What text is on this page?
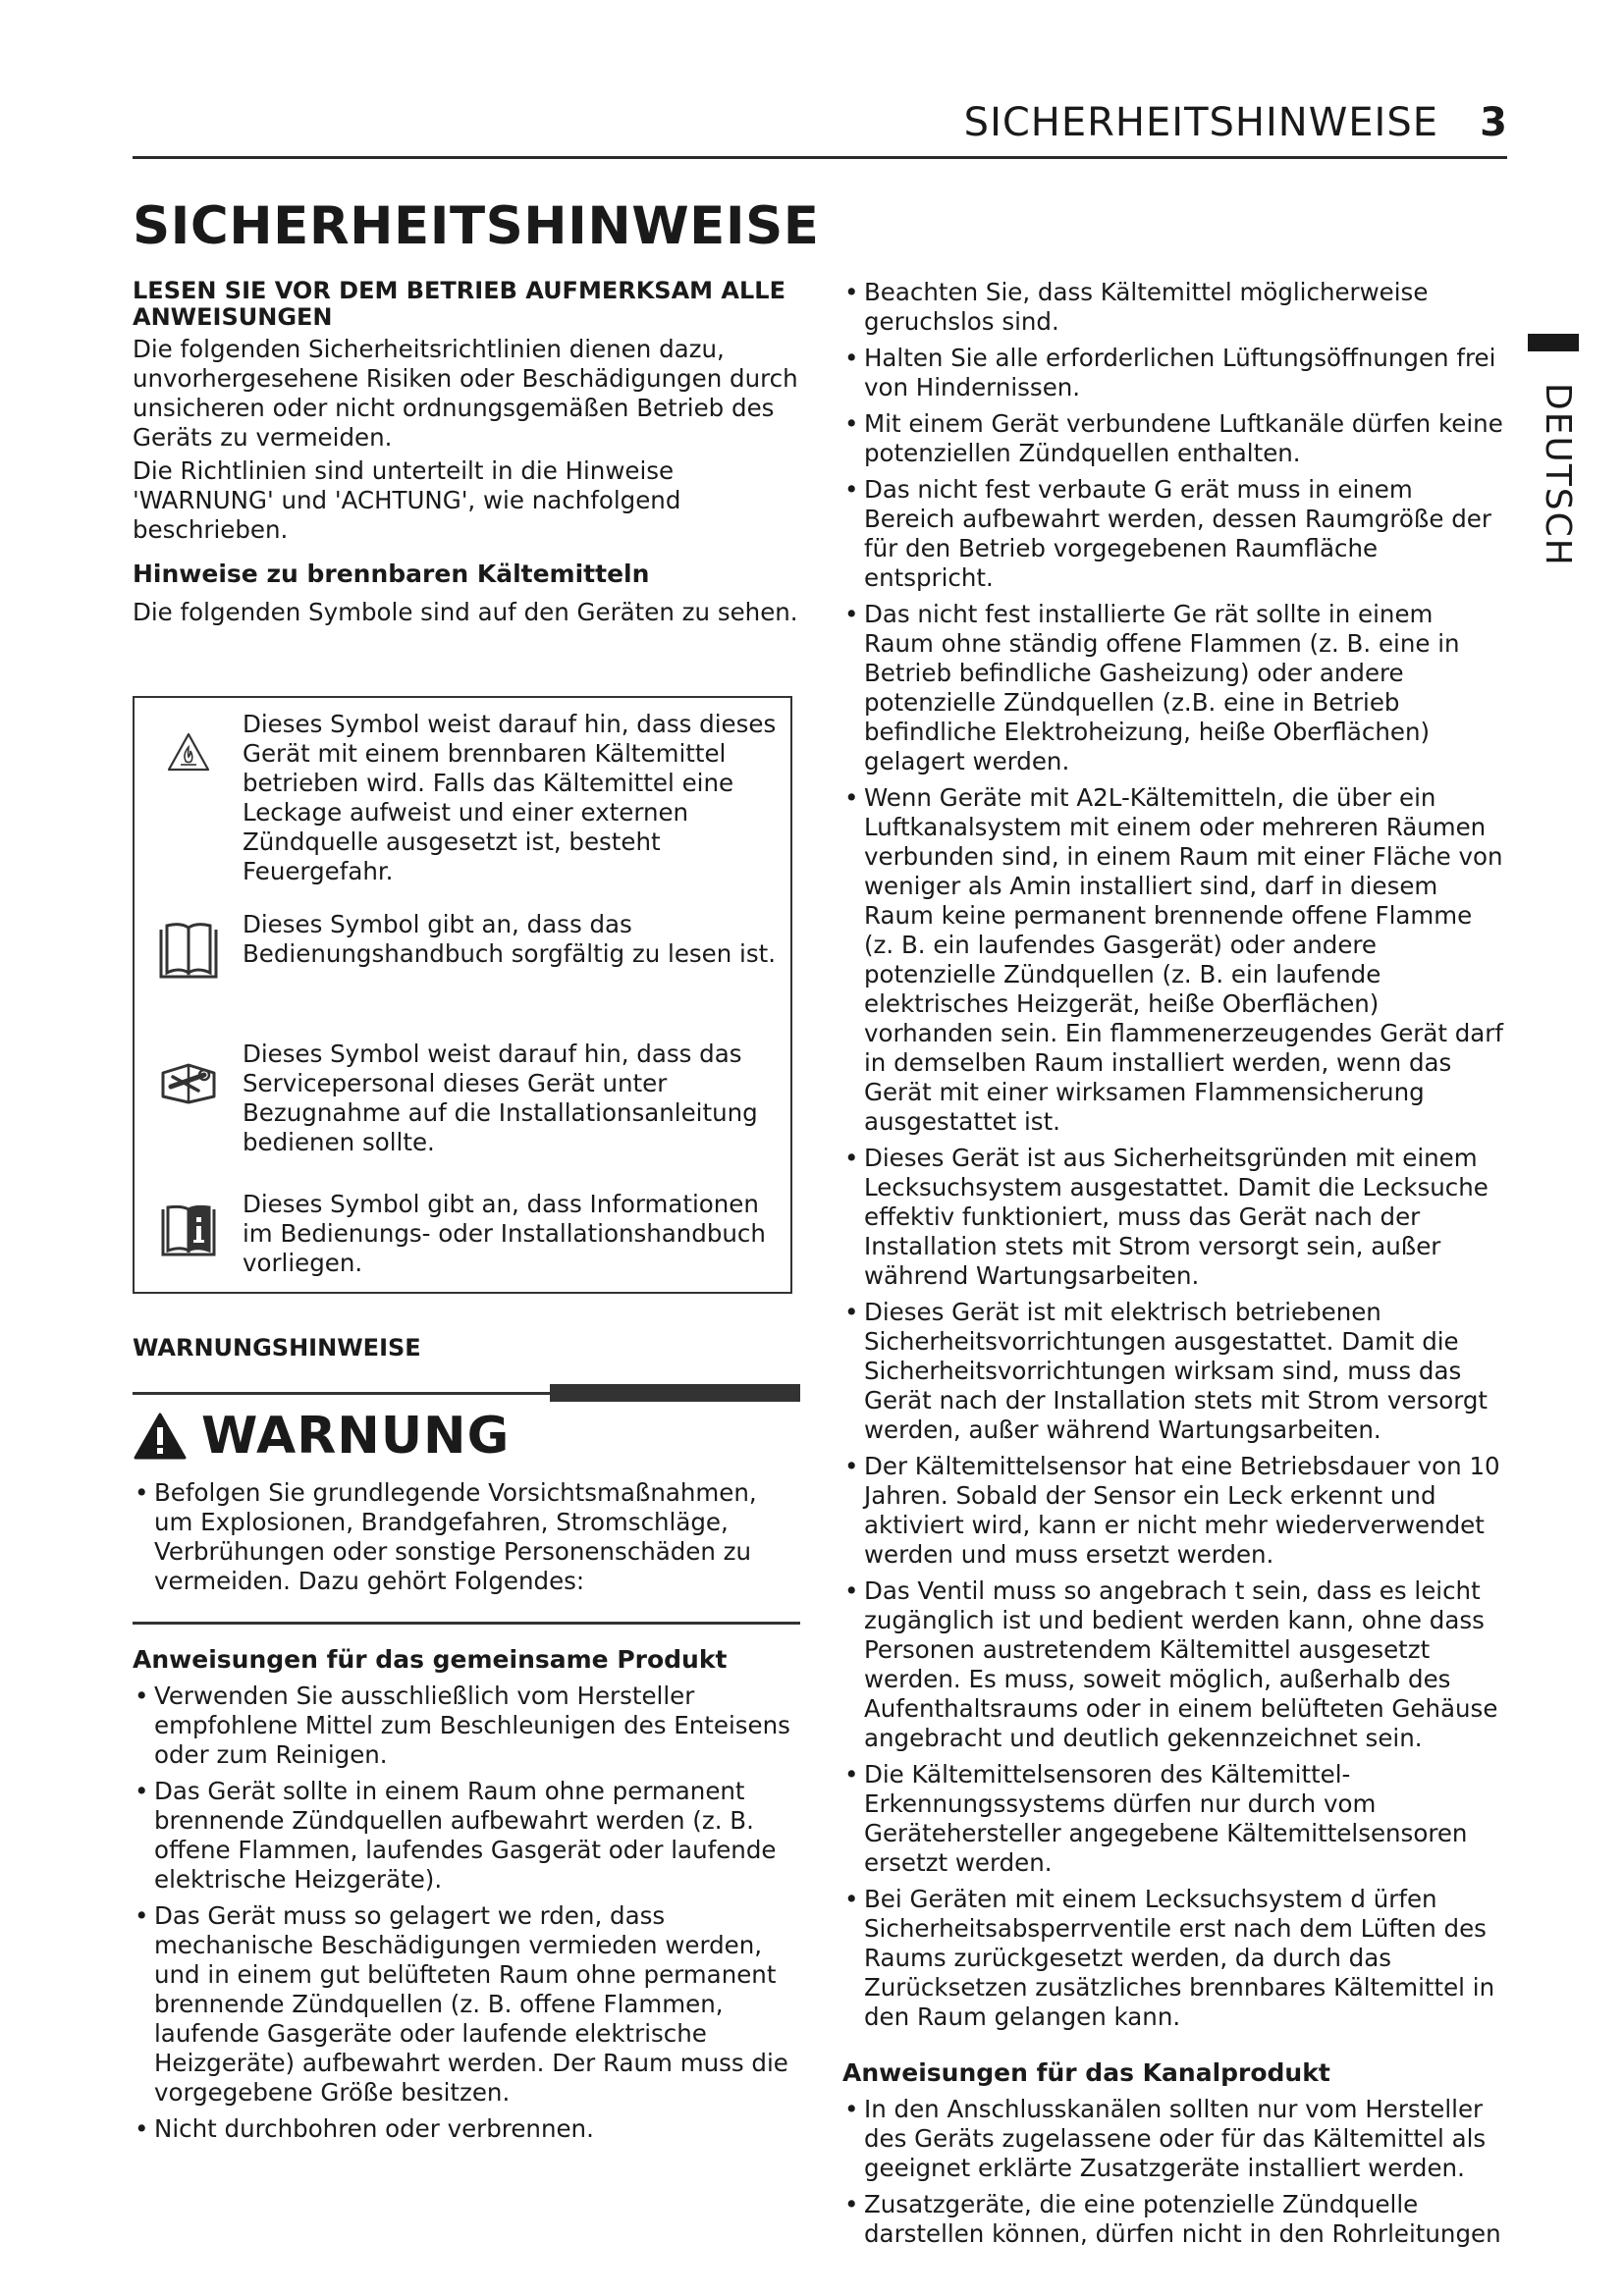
SICHERHEITSHINWEISE 3
DEUTSCH
SICHERHEITSHINWEISE
LESEN SIE VOR DEM BETRIEB AUFMERKSAM ALLE ANWEISUNGEN

Die folgenden Sicherheitsrichtlinien dienen dazu, unvorhergesehene Risiken oder Beschädigungen durch unsicheren oder nicht ordnungsgemäßen Betrieb des Geräts zu vermeiden.

Die Richtlinien sind unterteilt in die Hinweise 'WARNUNG' und 'ACHTUNG', wie nachfolgend beschrieben.

Hinweise zu brennbaren Kältemitteln

Die folgenden Symbole sind auf den Geräten zu sehen.

Dieses Symbol weist darauf hin, dass dieses Gerät mit einem brennbaren Kältemittel betrieben wird. Falls das Kältemittel eine Leckage aufweist und einer externen Zündquelle ausgesetzt ist, besteht Feuergefahr.
Dieses Symbol gibt an, dass das Bedienungshandbuch sorgfältig zu lesen ist.
Dieses Symbol weist darauf hin, dass das Servicepersonal dieses Gerät unter Bezugnahme auf die Installationsanleitung bedienen sollte.
Dieses Symbol gibt an, dass Informationen im Bedienungs- oder Installationshandbuch vorliegen.
WARNUNGSHINWEISE
WARNUNG
• Befolgen Sie grundlegende Vorsichtsmaßnahmen, um Explosionen, Brandgefahren, Stromschläge, Verbrühungen oder sonstige Personenschäden zu vermeiden. Dazu gehört Folgendes:
Anweisungen für das gemeinsame Produkt
• Verwenden Sie ausschließlich vom Hersteller empfohlene Mittel zum Beschleunigen des Enteisens oder zum Reinigen.
• Das Gerät sollte in einem Raum ohne permanent brennende Zündquellen aufbewahrt werden (z. B. offene Flammen, laufendes Gasgerät oder laufende elektrische Heizgeräte).
• Das Gerät muss so gelagert we rden, dass mechanische Beschädigungen vermieden werden, und in einem gut belüfteten Raum ohne permanent brennende Zündquellen (z. B. offene Flammen, laufende Gasgeräte oder laufende elektrische Heizgeräte) aufbewahrt werden. Der Raum muss die vorgegebene Größe besitzen.
• Nicht durchbohren oder verbrennen.
• Beachten Sie, dass Kältemittel möglicherweise geruchslos sind.
• Halten Sie alle erforderlichen Lüftungsöffnungen frei von Hindernissen.
• Mit einem Gerät verbundene Luftkanäle dürfen keine potenziellen Zündquellen enthalten.
• Das nicht fest verbaute G erät muss in einem Bereich aufbewahrt werden, dessen Raumgröße der für den Betrieb vorgegebenen Raumfläche entspricht.
• Das nicht fest installierte Ge rät sollte in einem Raum ohne ständig offene Flammen (z. B. eine in Betrieb befindliche Gasheizung) oder andere potenzielle Zündquellen (z.B. eine in Betrieb befindliche Elektroheizung, heiße Oberflächen) gelagert werden.
• Wenn Geräte mit A2L-Kältemitteln, die über ein Luftkanalsystem mit einem oder mehreren Räumen verbunden sind, in einem Raum mit einer Fläche von weniger als Amin installiert sind, darf in diesem Raum keine permanent brennende offene Flamme (z. B. ein laufendes Gasgerät) oder andere potenzielle Zündquellen (z. B. ein laufende elektrisches Heizgerät, heiße Oberflächen) vorhanden sein. Ein flammenerzeugendes Gerät darf in demselben Raum installiert werden, wenn das Gerät mit einer wirksamen Flammensicherung ausgestattet ist.
• Dieses Gerät ist aus Sicherheitsgründen mit einem Lecksuchsystem ausgestattet. Damit die Lecksuche effektiv funktioniert, muss das Gerät nach der Installation stets mit Strom versorgt sein, außer während Wartungsarbeiten.
• Dieses Gerät ist mit elektrisch betriebenen Sicherheitsvorrichtungen ausgestattet. Damit die Sicherheitsvorrichtungen wirksam sind, muss das Gerät nach der Installation stets mit Strom versorgt werden, außer während Wartungsarbeiten.
• Der Kältemittelsensor hat eine Betriebsdauer von 10 Jahren. Sobald der Sensor ein Leck erkennt und aktiviert wird, kann er nicht mehr wiederverwendet werden und muss ersetzt werden.
• Das Ventil muss so angebrach t sein, dass es leicht zugänglich ist und bedient werden kann, ohne dass Personen austretendem Kältemittel ausgesetzt werden. Es muss, soweit möglich, außerhalb des Aufenthaltsraums oder in einem belüfteten Gehäuse angebracht und deutlich gekennzeichnet sein.
• Die Kältemittelsensoren des Kältemittel-Erkennungssystems dürfen nur durch vom Gerätehersteller angegebene Kältemittelsensoren ersetzt werden.
• Bei Geräten mit einem Lecksuchsystem d ürfen Sicherheitsabsperrventile erst nach dem Lüften des Raums zurückgesetzt werden, da durch das Zurücksetzen zusätzliches brennbares Kältemittel in den Raum gelangen kann.
Anweisungen für das Kanalprodukt
• In den Anschlusskanälen sollten nur vom Hersteller des Geräts zugelassene oder für das Kältemittel als geeignet erklärte Zusatzgeräte installiert werden.
• Zusatzgeräte, die eine potenzielle Zündquelle darstellen können, dürfen nicht in den Rohrleitungen
